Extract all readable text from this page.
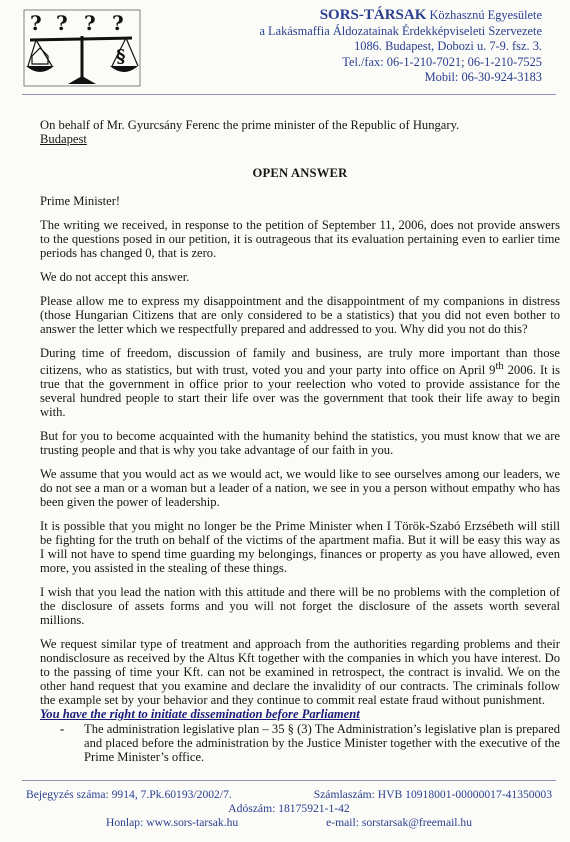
? ? ? ?
§
SORS-TÁRSAK Közhasznú Egyesülete
a Lakásmaffia Áldozatainak Érdekképviseleti Szervezete
1086. Budapest, Dobozi u. 7-9. fsz. 3.
Tel./fax: 06-1-210-7021; 06-1-210-7525
Mobil: 06-30-924-3183
On behalf of Mr. Gyurcsány Ferenc the prime minister of the Republic of Hungary.
Budapest
OPEN ANSWER

Prime Minister!

The writing we received, in response to the petition of September 11, 2006, does not provide answers to the questions posed in our petition, it is outrageous that its evaluation pertaining even to earlier time periods has changed 0, that is zero.

We do not accept this answer.

Please allow me to express my disappointment and the disappointment of my companions in distress (those Hungarian Citizens that are only considered to be a statistics) that you did not even bother to answer the letter which we respectfully prepared and addressed to you. Why did you not do this?

During time of freedom, discussion of family and business, are truly more important than those citizens, who as statistics, but with trust, voted you and your party into office on April 9th 2006. It is true that the government in office prior to your reelection who voted to provide assistance for the several hundred people to start their life over was the government that took their life away to begin with.

But for you to become acquainted with the humanity behind the statistics, you must know that we are trusting people and that is why you take advantage of our faith in you.

We assume that you would act as we would act, we would like to see ourselves among our leaders, we do not see a man or a woman but a leader of a nation, we see in you a person without empathy who has been given the power of leadership.

It is possible that you might no longer be the Prime Minister when I Török-Szabó Erzsébeth will still be fighting for the truth on behalf of the victims of the apartment mafia. But it will be easy this way as I will not have to spend time guarding my belongings, finances or property as you have allowed, even more, you assisted in the stealing of these things.

I wish that you lead the nation with this attitude and there will be no problems with the completion of the disclosure of assets forms and you will not forget the disclosure of the assets worth several millions.

We request similar type of treatment and approach from the authorities regarding problems and their nondisclosure as received by the Altus Kft together with the companies in which you have interest. Do to the passing of time your Kft. can not be examined in retrospect, the contract is invalid. We on the other hand request that you examine and declare the invalidity of our contracts. The criminals follow the example set by your behavior and they continue to commit real estate fraud without punishment.

You have the right to initiate dissemination before Parliament
-	The administration legislative plan – 35 § (3) The Administration’s legislative plan is prepared and placed before the administration by the Justice Minister together with the executive of the Prime Minister’s office.
Bejegyzés száma: 9914, 7.Pk.60193/2002/7.	Számlaszám: HVB 10918001-00000017-41350003
Adószám: 18175921-1-42
Honlap: www.sors-tarsak.hu	e-mail: sorstarsak@freemail.hu
